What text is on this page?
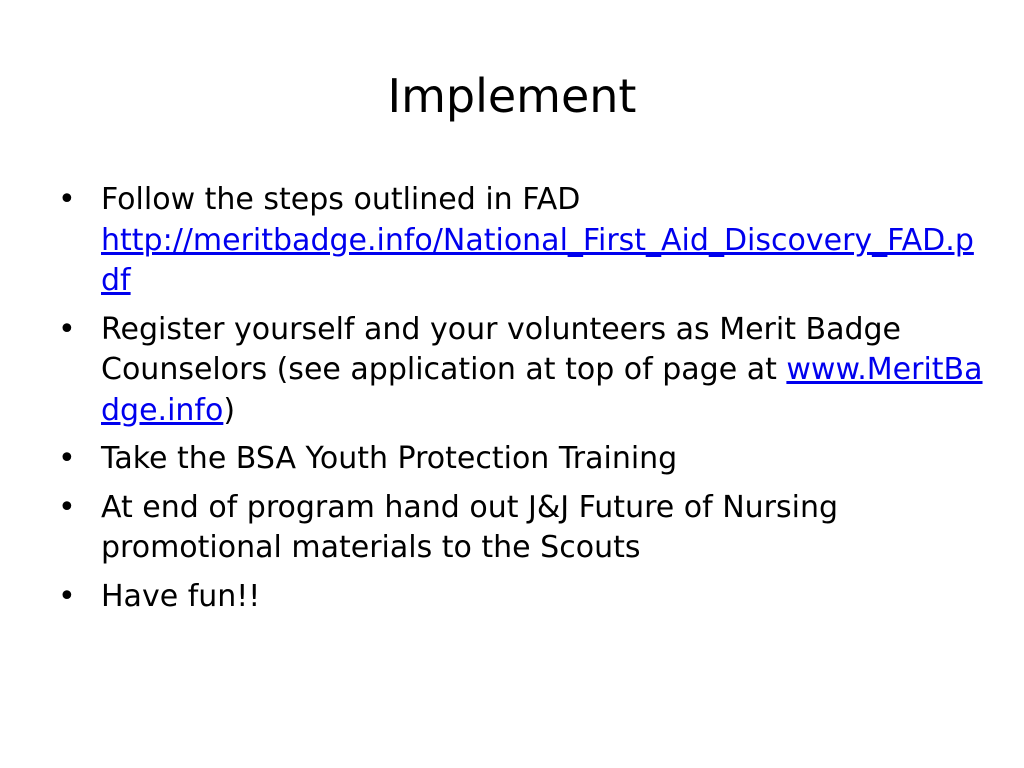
Implement
• Follow the steps outlined in FAD
http://meritbadge.info/National_First_Aid_Discovery_FAD.pdf
• Register yourself and your volunteers as Merit Badge Counselors (see application at top of page at www.MeritBadge.info)
• Take the BSA Youth Protection Training
• At end of program hand out J&J Future of Nursing promotional materials to the Scouts
• Have fun!!
